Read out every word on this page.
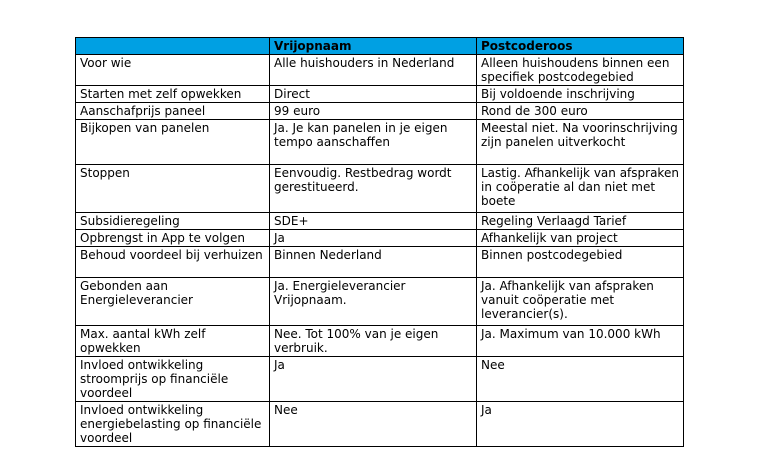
	Vrijopnaam	Postcoderoos
Voor wie	Alle huishouders in Nederland	Alleen huishoudens binnen een specifiek postcodegebied
Starten met zelf opwekken	Direct	Bij voldoende inschrijving
Aanschafprijs paneel	99 euro	Rond de 300 euro
Bijkopen van panelen	Ja. Je kan panelen in je eigen tempo aanschaffen	Meestal niet. Na voorinschrijving zijn panelen uitverkocht
Stoppen	Eenvoudig. Restbedrag wordt gerestitueerd.	Lastig. Afhankelijk van afspraken in coöperatie al dan niet met boete
Subsidieregeling	SDE+	Regeling Verlaagd Tarief
Opbrengst in App te volgen	Ja	Afhankelijk van project
Behoud voordeel bij verhuizen	Binnen Nederland	Binnen postcodegebied
Gebonden aan Energieleverancier	Ja. Energieleverancier Vrijopnaam.	Ja. Afhankelijk van afspraken vanuit coöperatie met leverancier(s).
Max. aantal kWh zelf opwekken	Nee. Tot 100% van je eigen verbruik.	Ja. Maximum van 10.000 kWh
Invloed ontwikkeling stroomprijs op financiële voordeel	Ja	Nee
Invloed ontwikkeling energiebelasting op financiële voordeel	Nee	Ja
